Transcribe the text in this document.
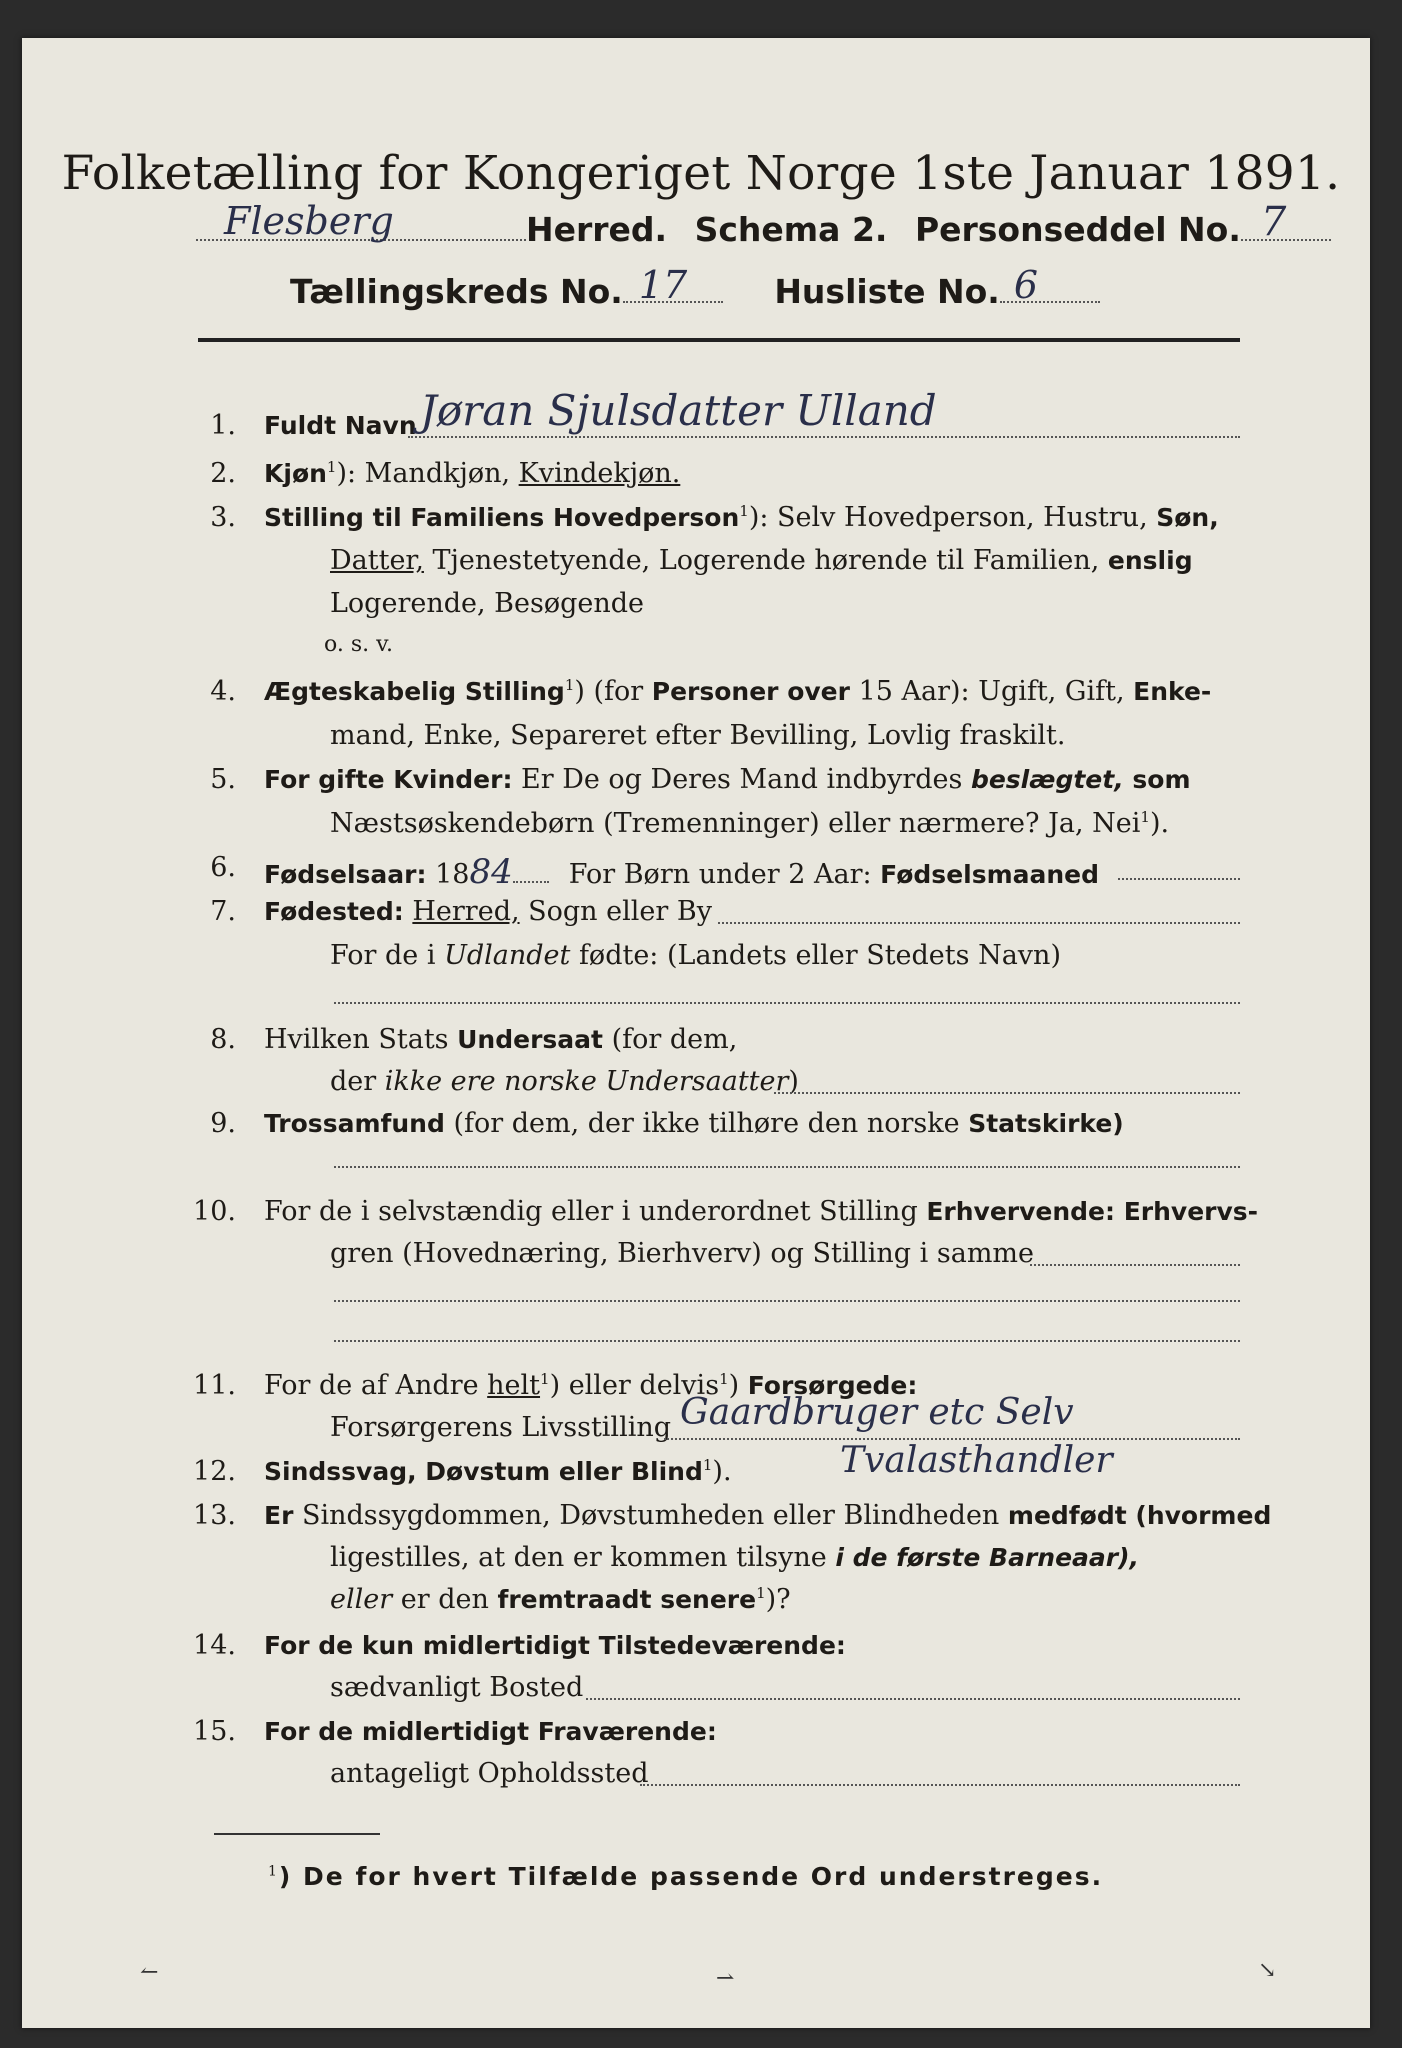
Folketælling for Kongeriget Norge 1ste Januar 1891.
Flesberg	Herred. Schema 2. Personseddel No. 7
Tællingskreds No. 17	Husliste No. 6
1. Fuldt Navn Jøran Sjulsdatter Ulland
2. Kjøn$^1$): Mandkjøn, Kvindekjøn.
3. Stilling til Familiens Hovedperson$^1$): Selv Hovedperson, Hustru, Søn,
Datter, Tjenestetyende, Logerende hørende til Familien, enslig
Logerende, Besøgende
o. s. v.
4. Ægteskabelig Stilling$^1$) (for Personer over 15 Aar): Ugift, Gift, Enke-
mand, Enke, Separeret efter Bevilling, Lovlig fraskilt.
5. For gifte Kvinder: Er De og Deres Mand indbyrdes beslægtet, som
Næstsøskendebørn (Tremenninger) eller nærmere? Ja, Nei$^1$).
6. Fødselsaar: 1884 For Børn under 2 Aar: Fødselsmaaned
7. Fødested: Herred, Sogn eller By
For de i Udlandet fødte: (Landets eller Stedets Navn)
8. Hvilken Stats Undersaat (for dem,
der ikke ere norske Undersaatter)
9. Trossamfund (for dem, der ikke tilhøre den norske Statskirke)
10. For de i selvstændig eller i underordnet Stilling Erhvervende: Erhvervs-
gren (Hovednæring, Bierhverv) og Stilling i samme
11. For de af Andre helt$^1$) eller delvis$^1$) Forsørgede:
Forsørgerens Livsstilling Gaardbruger etc Selv
12. Sindssvag, Døvstum eller Blind$^1$).	Tvalasthandler
13. Er Sindssygdommen, Døvstumheden eller Blindheden medfødt (hvormed
ligestilles, at den er kommen tilsyne i de første Barneaar),
eller er den fremtraadt senere$^1$)?
14. For de kun midlertidigt Tilstedeværende:
sædvanligt Bosted
15. For de midlertidigt Fraværende:
antageligt Opholdssted
$^1$) De for hvert Tilfælde passende Ord understreges.
↼	⇀	↘
